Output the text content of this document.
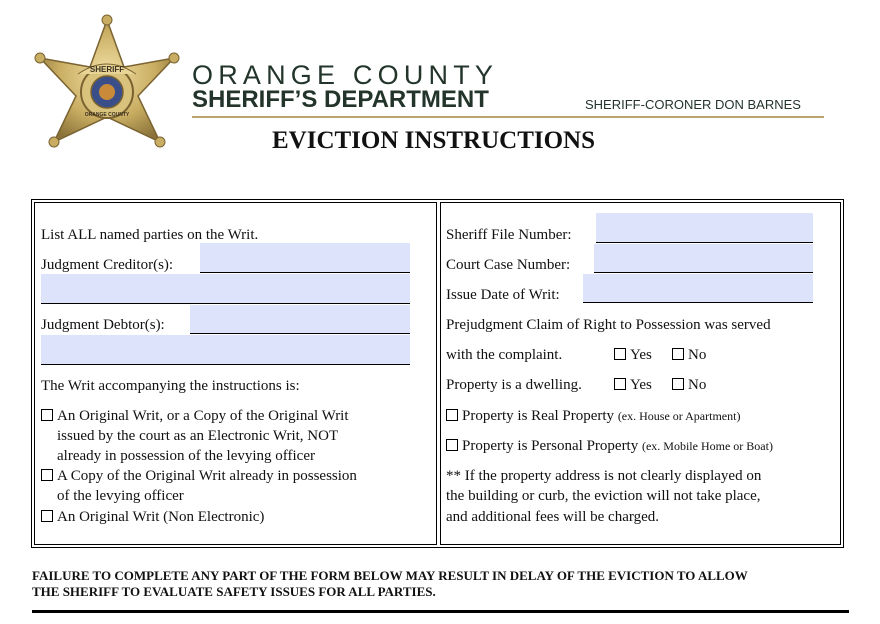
SHERIFF
ORANGE COUNTY
ORANGE COUNTY
SHERIFF’S DEPARTMENT	SHERIFF-CORONER DON BARNES
EVICTION INSTRUCTIONS
List ALL named parties on the Writ.
Judgment Creditor(s):
Judgment Debtor(s):
The Writ accompanying the instructions is:
An Original Writ, or a Copy of the Original Writ
issued by the court as an Electronic Writ, NOT
already in possession of the levying officer
A Copy of the Original Writ already in possession
of the levying officer
An Original Writ (Non Electronic)
Sheriff File Number:
Court Case Number:
Issue Date of Writ:
Prejudgment Claim of Right to Possession was served
with the complaint.	Yes	No
Property is a dwelling.	Yes	No
Property is Real Property (ex. House or Apartment)
Property is Personal Property (ex. Mobile Home or Boat)
** If the property address is not clearly displayed on
the building or curb, the eviction will not take place,
and additional fees will be charged.
FAILURE TO COMPLETE ANY PART OF THE FORM BELOW MAY RESULT IN DELAY OF THE EVICTION TO ALLOW
THE SHERIFF TO EVALUATE SAFETY ISSUES FOR ALL PARTIES.
